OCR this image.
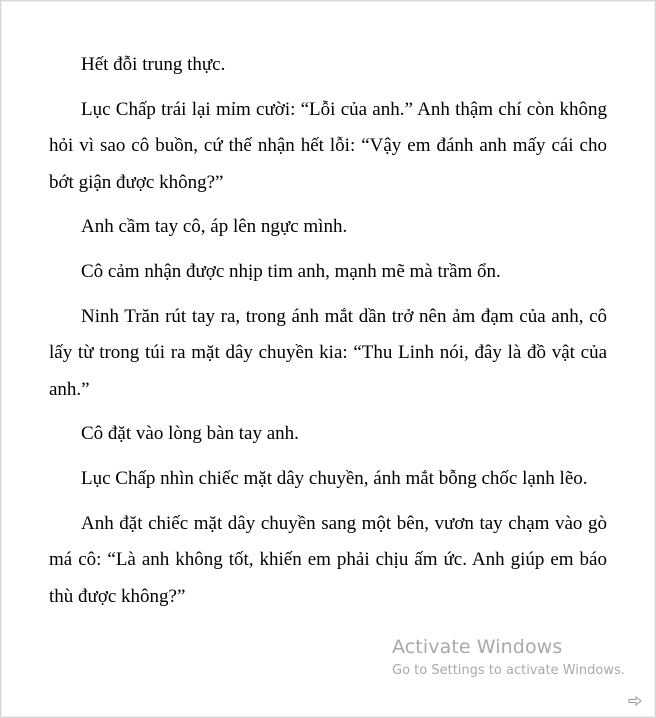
Hết đỗi trung thực.

Lục Chấp trái lại mỉm cười: “Lỗi của anh.” Anh thậm chí còn không hỏi vì sao cô buồn, cứ thế nhận hết lỗi: “Vậy em đánh anh mấy cái cho bớt giận được không?”

Anh cầm tay cô, áp lên ngực mình.

Cô cảm nhận được nhịp tim anh, mạnh mẽ mà trầm ổn.

Ninh Trăn rút tay ra, trong ánh mắt dần trở nên ảm đạm của anh, cô lấy từ trong túi ra mặt dây chuyền kia: “Thu Linh nói, đây là đồ vật của anh.”

Cô đặt vào lòng bàn tay anh.

Lục Chấp nhìn chiếc mặt dây chuyền, ánh mắt bỗng chốc lạnh lẽo.

Anh đặt chiếc mặt dây chuyền sang một bên, vươn tay chạm vào gò má cô: “Là anh không tốt, khiến em phải chịu ấm ức. Anh giúp em báo thù được không?”

Activate Windows
Go to Settings to activate Windows.
